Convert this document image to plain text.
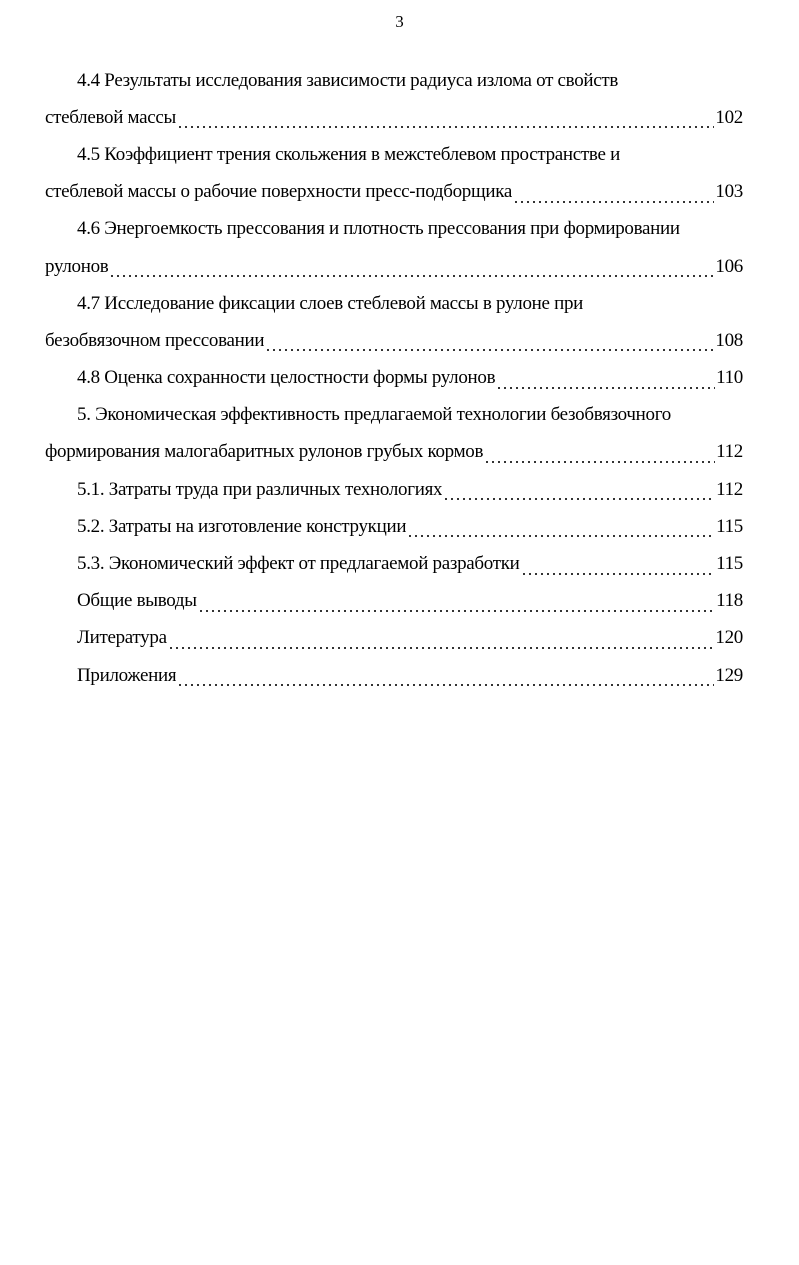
3
4.4 Результаты исследования зависимости радиуса излома от свойств
стеблевой массы	102
4.5 Коэффициент трения скольжения в межстеблевом пространстве и
стеблевой массы о рабочие поверхности пресс-подборщика	103
4.6 Энергоемкость прессования и плотность прессования при формировании
рулонов	106
4.7 Исследование фиксации слоев стеблевой массы в рулоне при
безобвязочном прессовании	108
4.8 Оценка сохранности целостности формы рулонов	110
5. Экономическая эффективность предлагаемой технологии безобвязочного
формирования малогабаритных рулонов грубых кормов	112
5.1. Затраты труда при различных технологиях	112
5.2. Затраты на изготовление конструкции	115
5.3. Экономический эффект от предлагаемой разработки	115
Общие выводы	118
Литература	120
Приложения	129
